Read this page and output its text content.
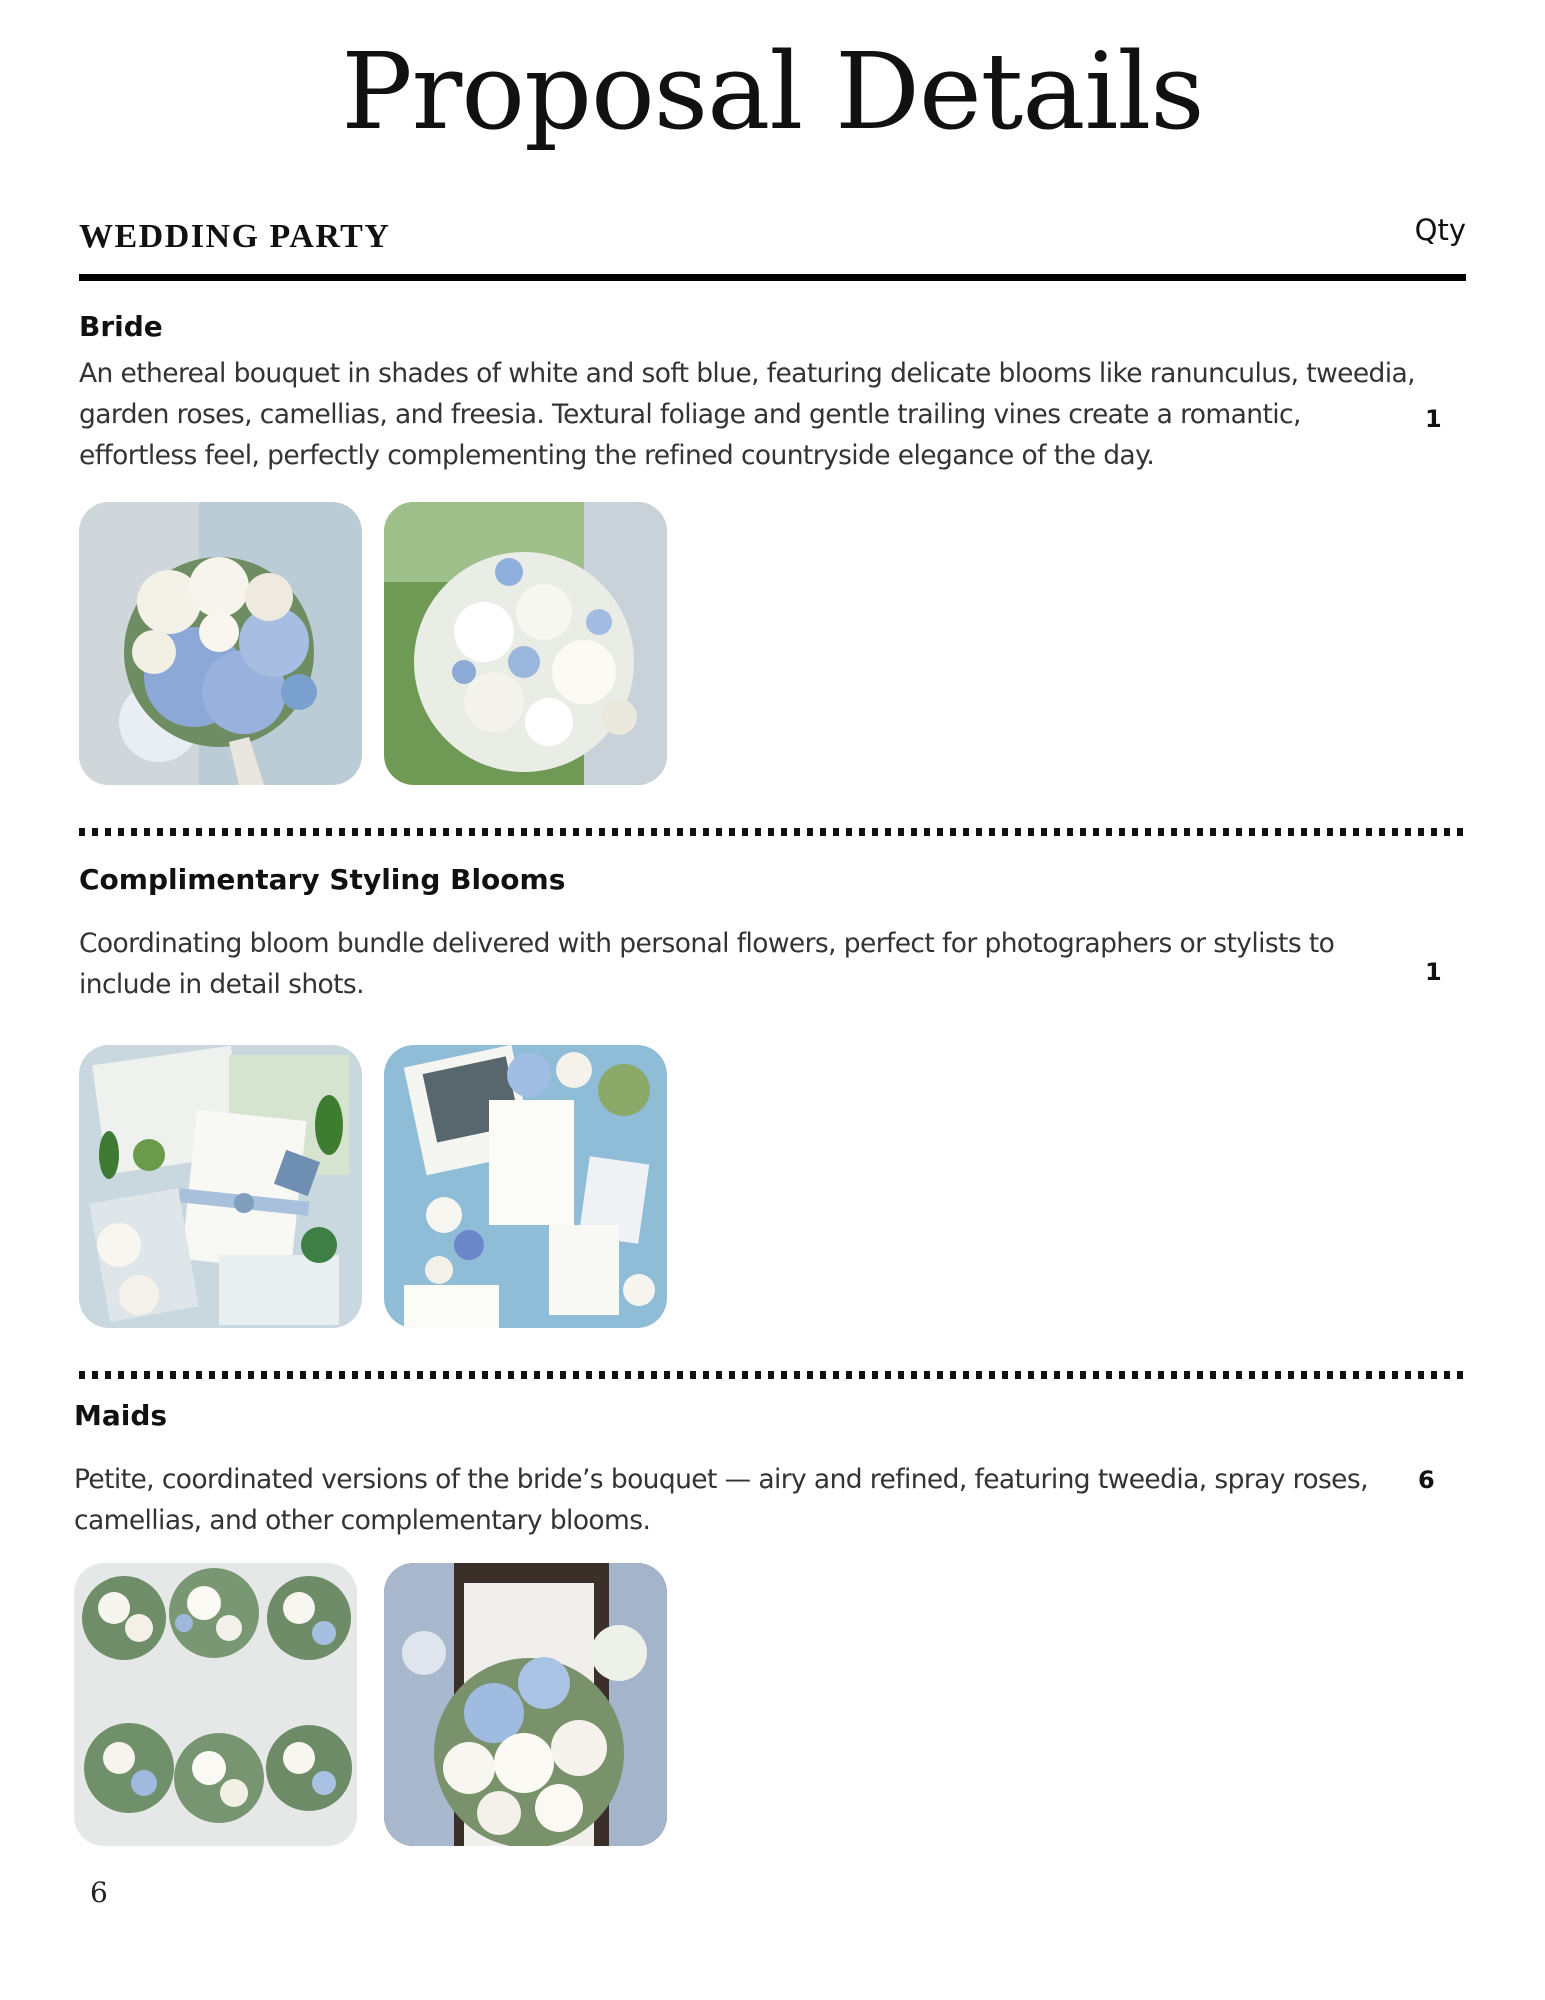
Proposal Details
WEDDING PARTY	Qty
Bride

An ethereal bouquet in shades of white and soft blue, featuring delicate blooms like ranunculus, tweedia, garden roses, camellias, and freesia. Textural foliage and gentle trailing vines create a romantic, effortless feel, perfectly complementing the refined countryside elegance of the day.

1
Complimentary Styling Blooms

Coordinating bloom bundle delivered with personal flowers, perfect for photographers or stylists to include in detail shots.	1
Maids

Petite, coordinated versions of the bride’s bouquet — airy and refined, featuring tweedia, spray roses, camellias, and other complementary blooms.

6
6
